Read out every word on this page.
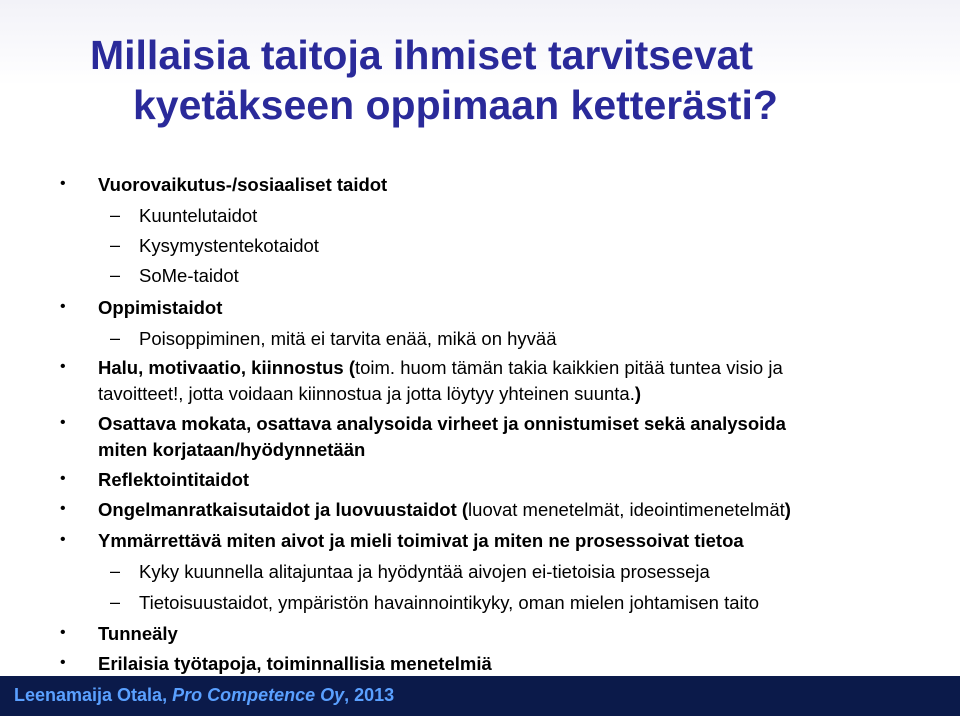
Millaisia taitoja ihmiset tarvitsevat
kyetäkseen oppimaan ketterästi?
•	Vuorovaikutus-/sosiaaliset taidot
– Kuuntelutaidot
– Kysymystentekotaidot
– SoMe-taidot
•	Oppimistaidot
– Poisoppiminen, mitä ei tarvita enää, mikä on hyvää
•	Halu, motivaatio, kiinnostus (toim. huom tämän takia kaikkien pitää tuntea visio ja
tavoitteet!, jotta voidaan kiinnostua ja jotta löytyy yhteinen suunta.)
•	Osattava mokata, osattava analysoida virheet ja onnistumiset sekä analysoida
miten korjataan/hyödynnetään
•	Reflektointitaidot
•	Ongelmanratkaisutaidot ja luovuustaidot (luovat menetelmät, ideointimenetelmät)
•	Ymmärrettävä miten aivot ja mieli toimivat ja miten ne prosessoivat tietoa
– Kyky kuunnella alitajuntaa ja hyödyntää aivojen ei-tietoisia prosesseja
– Tietoisuustaidot, ympäristön havainnointikyky, oman mielen johtamisen taito
•	Tunneäly
•	Erilaisia työtapoja, toiminnallisia menetelmiä
Leenamaija Otala, Pro Competence Oy, 2013
